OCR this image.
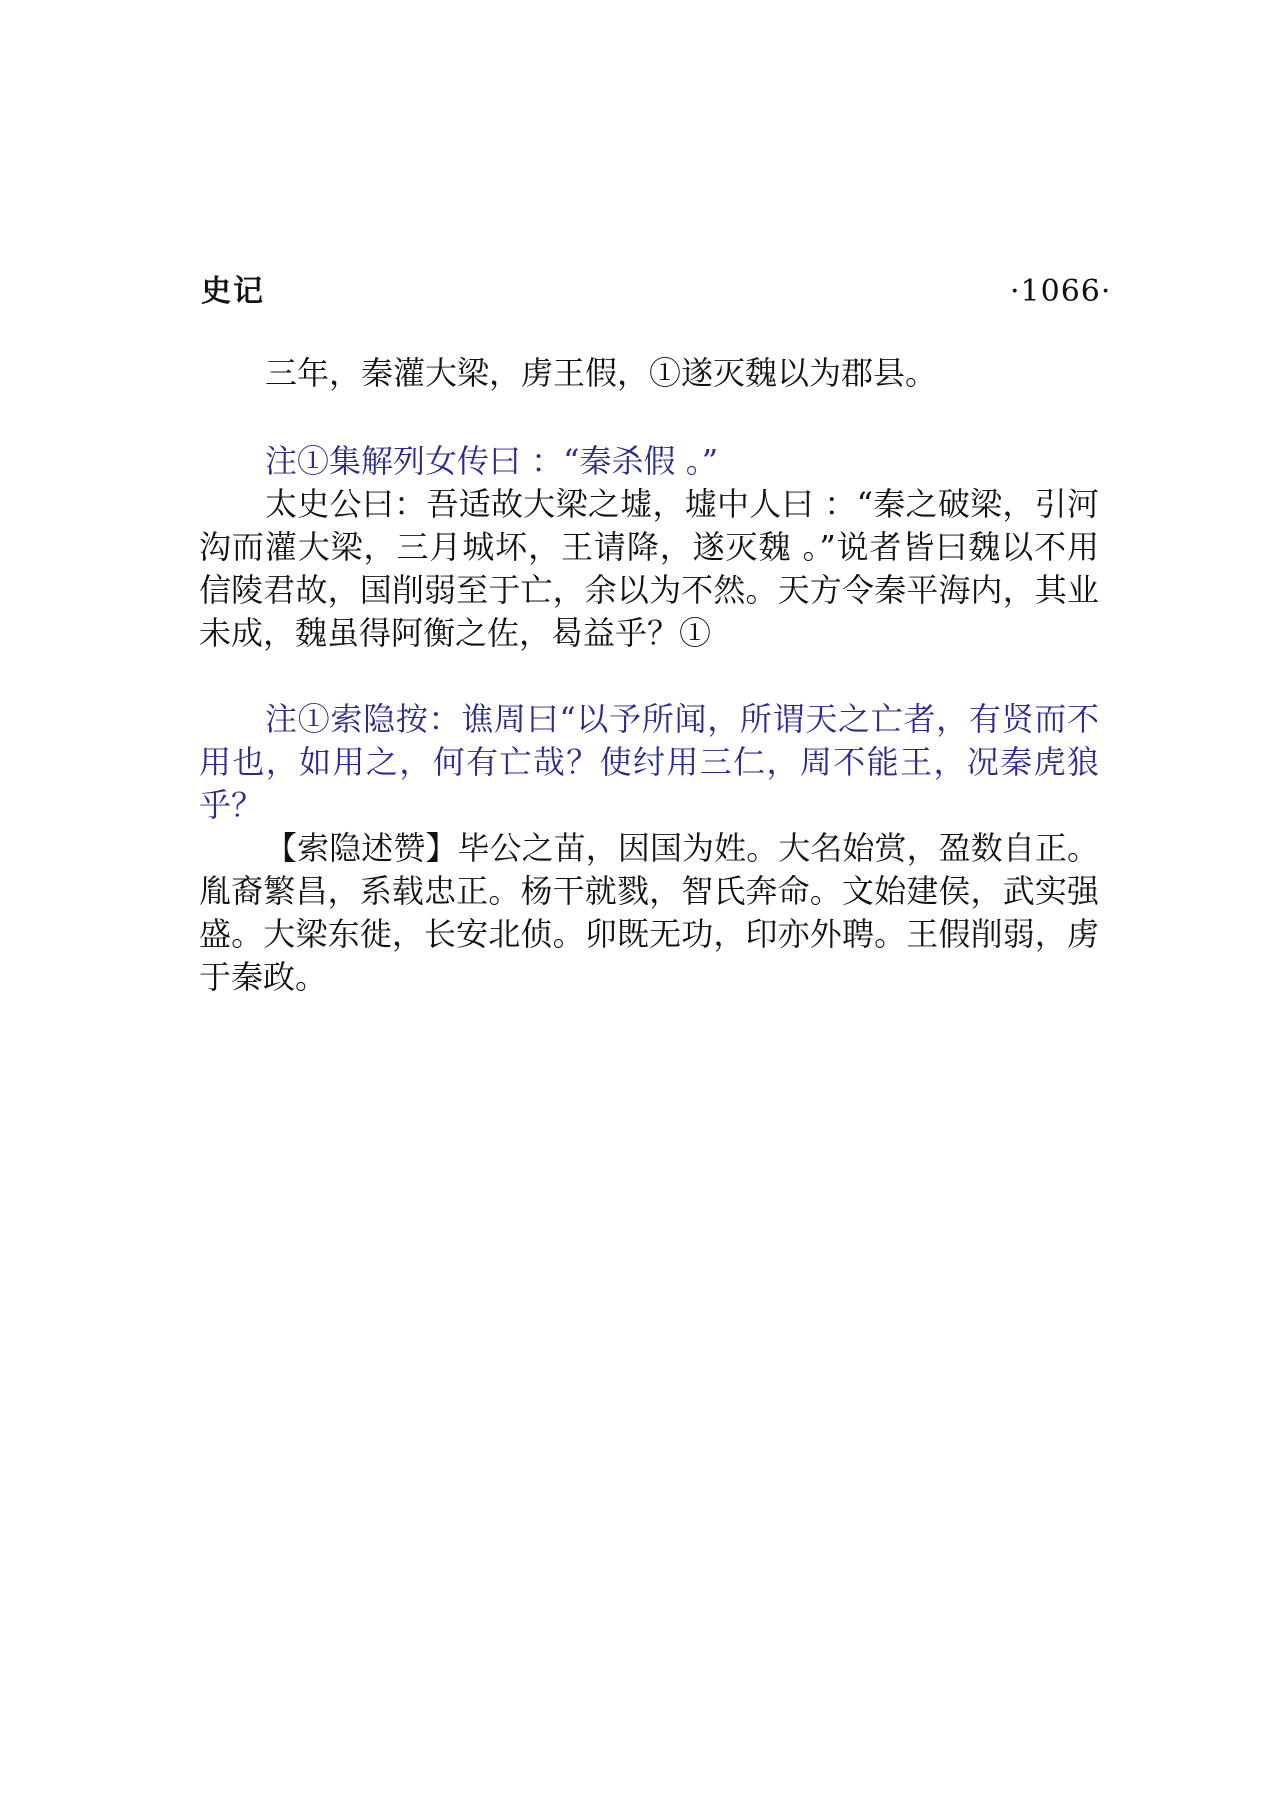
史记	·1066·

三年，秦灌大梁，虏王假，①遂灭魏以为郡县。

注①集解列女传曰 ：“秦杀假 。”

太史公曰：吾适故大梁之墟，墟中人曰 ：“秦之破梁，引河沟而灌大梁，三月城坏，王请降，遂灭魏 。”说者皆曰魏以不用信陵君故，国削弱至于亡，余以为不然。天方令秦平海内，其业未成，魏虽得阿衡之佐，曷益乎？①

注①索隐按：谯周曰“以予所闻，所谓天之亡者，有贤而不用也，如用之，何有亡哉？使纣用三仁，周不能王，况秦虎狼乎？

【索隐述赞】毕公之苗，因国为姓。大名始赏，盈数自正。胤裔繁昌，系载忠正。杨干就戮，智氏奔命。文始建侯，武实强盛。大梁东徙，长安北侦。卯既无功，印亦外聘。王假削弱，虏于秦政。
